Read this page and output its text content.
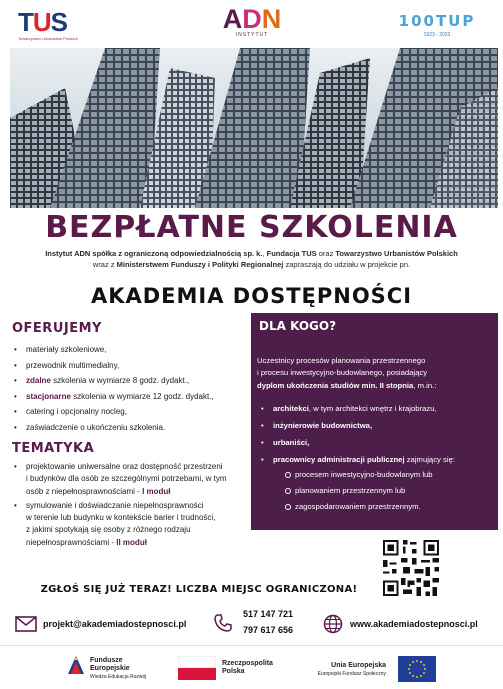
TUS
Towarzystwo Urbanistów Polskich
ADN
INSTYTUT
100TUP
1923 - 2023
BEZPŁATNE SZKOLENIA
Instytut ADN spółka z ograniczoną odpowiedzialnością sp. k., Fundacja TUS oraz Towarzystwo Urbanistów Polskich
wraz z Ministerstwem Funduszy i Polityki Regionalnej zapraszają do udziału w projekcie pn.
AKADEMIA DOSTĘPNOŚCI
OFERUJEMY
• materiały szkoleniowe,
• przewodnik multimedialny,
• zdalne szkolenia w wymiarze 8 godz. dydakt.,
• stacjonarne szkolenia w wymiarze 12 godz. dydakt.,
• catering i opcjonalny nocleg,
• zaświadczenie o ukończeniu szkolenia.
TEMATYKA
• projektowanie uniwersalne oraz dostępność przestrzeni
i budynków dla osób ze szczególnymi potrzebami, w tym
osób z niepełnosprawnościami - I moduł
• symulowanie i doświadczanie niepełnosprawności
w terenie lub budynku w kontekście barier i trudności,
z jakimi spotykają się osoby z różnego rodzaju
niepełnosprawnościami - II moduł
DLA KOGO?
Uczestnicy procesów planowania przestrzennego
i procesu inwestycyjno-budowlanego, posiadający
dyplom ukończenia studiów min. II stopnia, m.in.:
• architekci, w tym architekci wnętrz i krajobrazu,
• inżynierowie budownictwa,
• urbaniści,
• pracownicy administracji publicznej zajmujący się:
procesem inwestycyjno-budowlanym lub
planowaniem przestrzennym lub
zagospodarowaniem przestrzennym.
ZGŁOŚ SIĘ JUŻ TERAZ! LICZBA MIEJSC OGRANICZONA!
projekt@akademiadostepnosci.pl
517 147 721
797 617 656
www.akademiadostepnosci.pl
Fundusze
Europejskie
Wiedza Edukacja Rozwój
Rzeczpospolita
Polska
Unia Europejska
Europejski Fundusz Społeczny
